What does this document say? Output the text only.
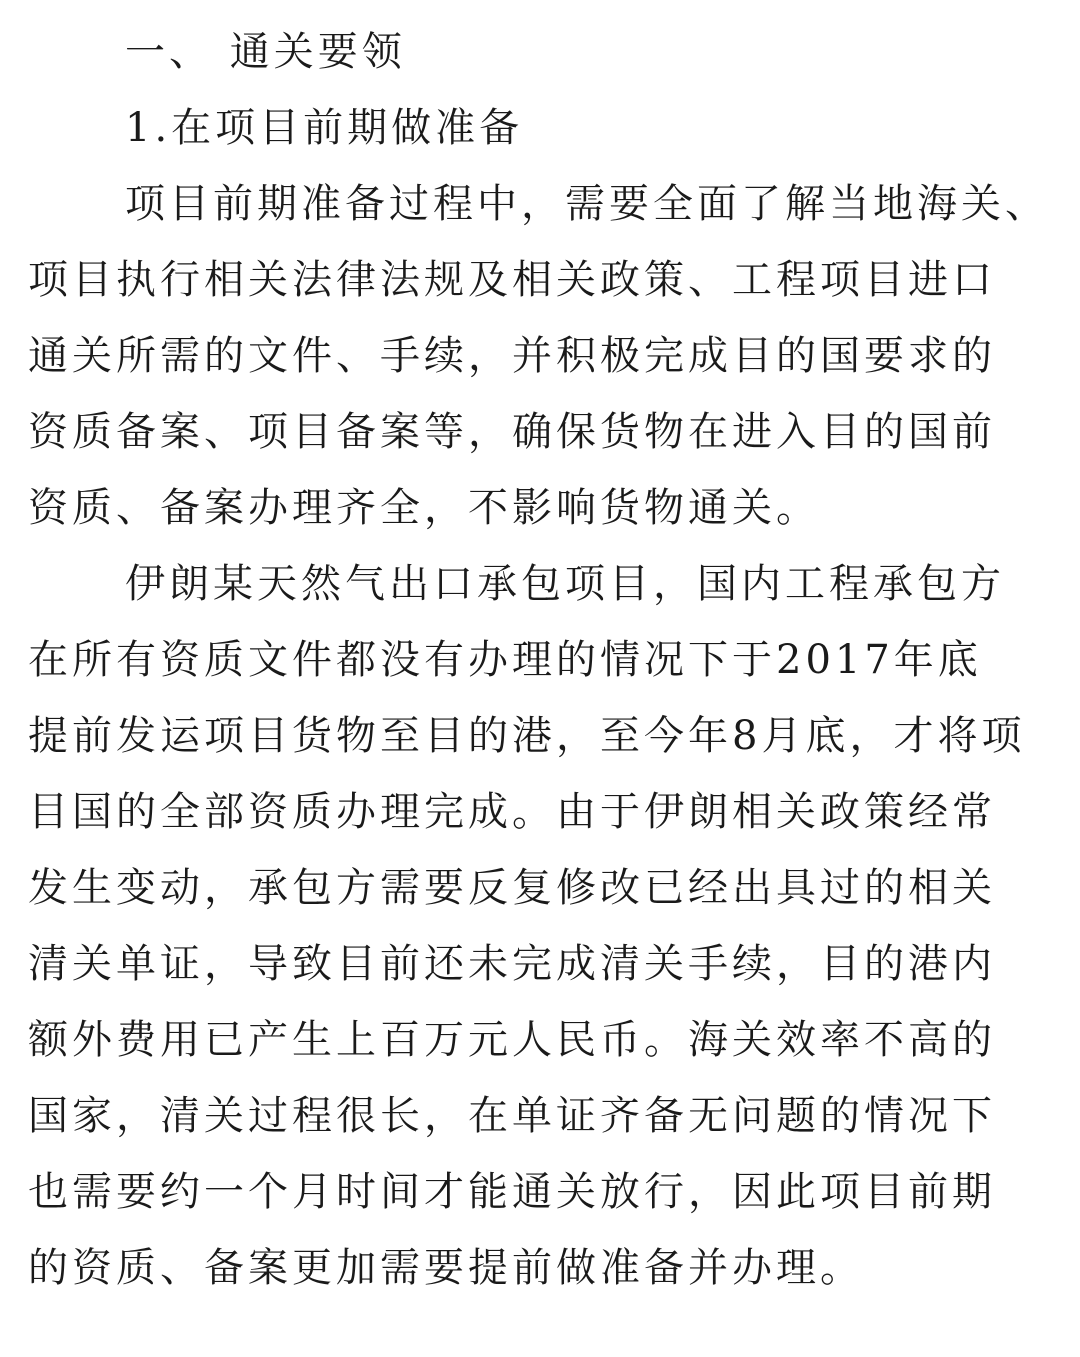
一、 通关要领
1.在项目前期做准备
项目前期准备过程中，需要全面了解当地海关、
项目执行相关法律法规及相关政策、工程项目进口
通关所需的文件、手续，并积极完成目的国要求的
资质备案、项目备案等，确保货物在进入目的国前
资质、备案办理齐全，不影响货物通关。
伊朗某天然气出口承包项目，国内工程承包方
在所有资质文件都没有办理的情况下于2017年底
提前发运项目货物至目的港，至今年8月底，才将项
目国的全部资质办理完成。由于伊朗相关政策经常
发生变动，承包方需要反复修改已经出具过的相关
清关单证，导致目前还未完成清关手续，目的港内
额外费用已产生上百万元人民币。海关效率不高的
国家，清关过程很长，在单证齐备无问题的情况下
也需要约一个月时间才能通关放行，因此项目前期
的资质、备案更加需要提前做准备并办理。
